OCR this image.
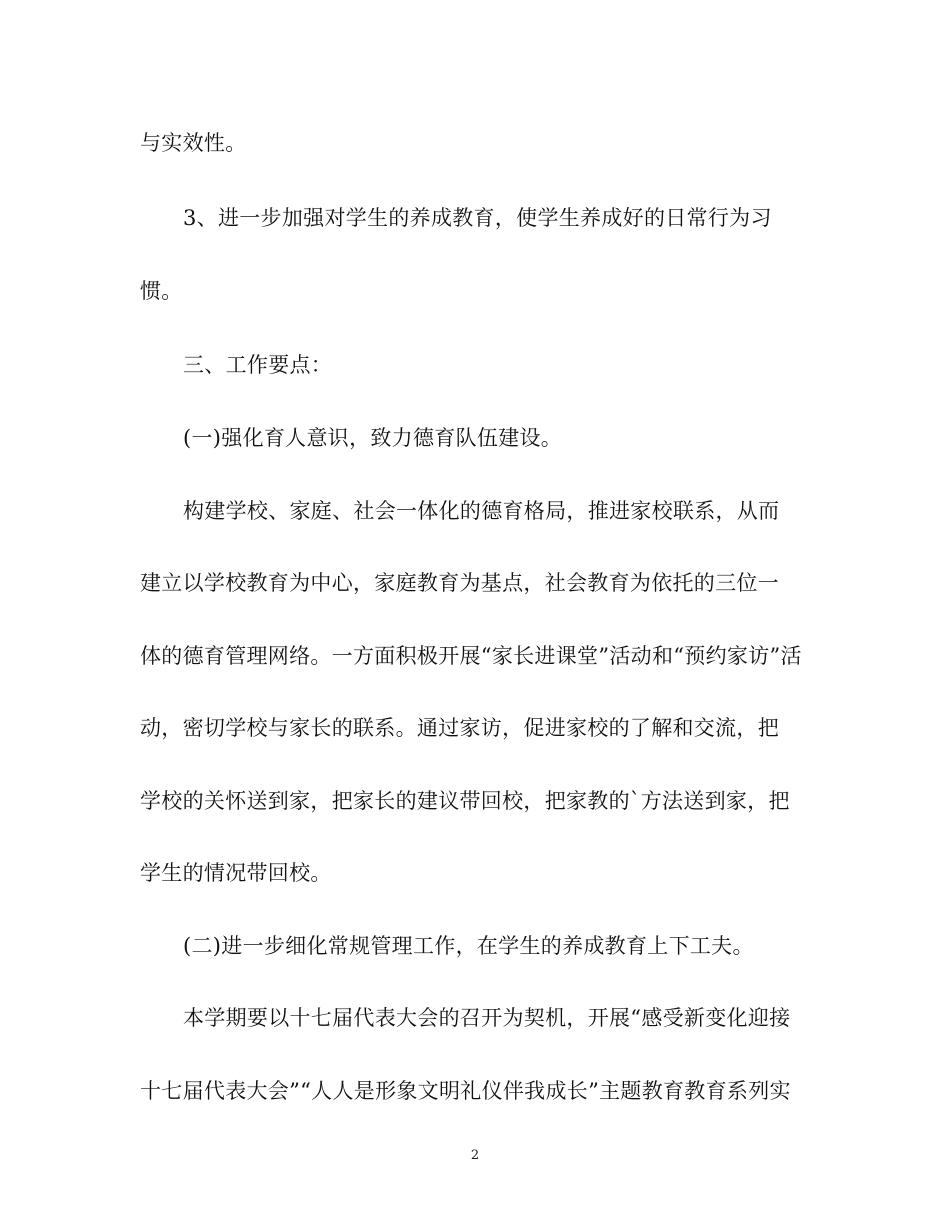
与实效性。
3、进一步加强对学生的养成教育，使学生养成好的日常行为习
惯。
三、工作要点：
(一)强化育人意识，致力德育队伍建设。
构建学校、家庭、社会一体化的德育格局，推进家校联系，从而
建立以学校教育为中心，家庭教育为基点，社会教育为依托的三位一
体的德育管理网络。一方面积极开展“家长进课堂”活动和“预约家访”活
动，密切学校与家长的联系。通过家访，促进家校的了解和交流，把
学校的关怀送到家，把家长的建议带回校，把家教的`方法送到家，把
学生的情况带回校。
(二)进一步细化常规管理工作，在学生的养成教育上下工夫。
本学期要以十七届代表大会的召开为契机，开展“感受新变化迎接
十七届代表大会”“人人是形象文明礼仪伴我成长”主题教育教育系列实
2
